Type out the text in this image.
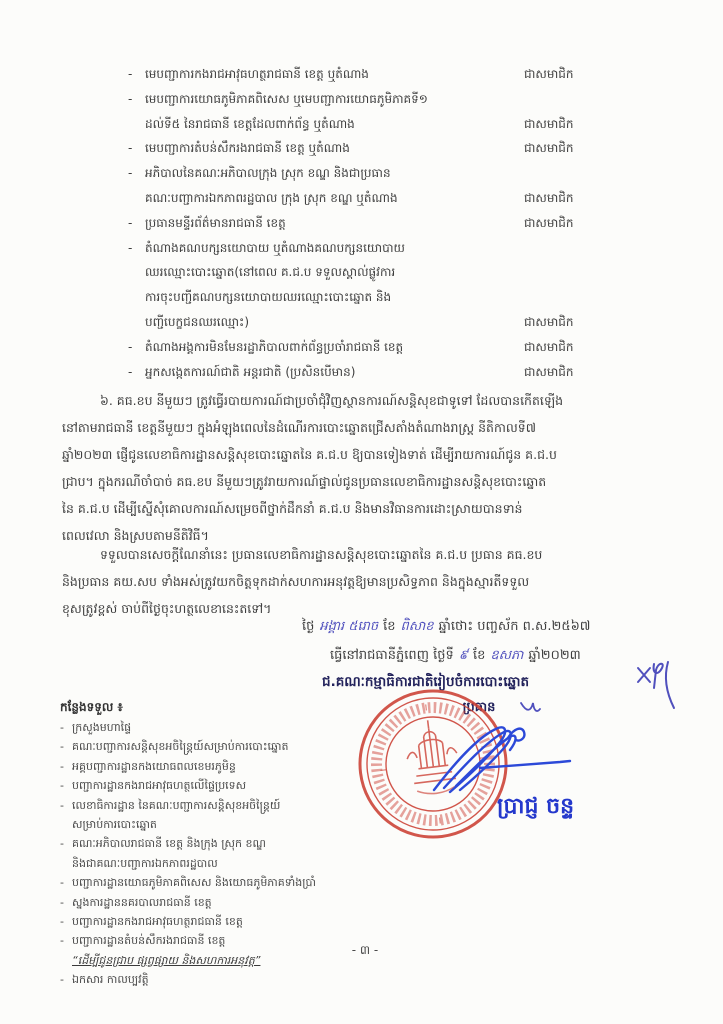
-	មេបញ្ជាការកងរាជអាវុធហត្ថរាជធានី ខេត្ត ឬតំណាង	ជាសមាជិក
-	មេបញ្ជាការយោធភូមិភាគពិសេស ឬមេបញ្ជាការយោធភូមិភាគទី១
ដល់ទី៥ នៃរាជធានី ខេត្តដែលពាក់ព័ន្ធ ឬតំណាង	ជាសមាជិក
-	មេបញ្ជាការតំបន់សឹករងរាជធានី ខេត្ត ឬតំណាង	ជាសមាជិក
-	អភិបាលនៃគណៈអភិបាលក្រុង ស្រុក ខណ្ឌ និងជាប្រធាន
គណៈបញ្ជាការឯកភាពរដ្ឋបាល ក្រុង ស្រុក ខណ្ឌ ឬតំណាង	ជាសមាជិក
-	ប្រធានមន្ទីរព័ត៌មានរាជធានី ខេត្ត	ជាសមាជិក
-	តំណាងគណបក្សនយោបាយ ឬតំណាងគណបក្សនយោបាយ
ឈរឈ្មោះបោះឆ្នោត(នៅពេល គ.ជ.ប ទទួលស្គាល់ផ្លូវការ
ការចុះបញ្ជីគណបក្សនយោបាយឈរឈ្មោះបោះឆ្នោត និង
បញ្ជីបេក្ខជនឈរឈ្មោះ)	ជាសមាជិក
-	តំណាងអង្គការមិនមែនរដ្ឋាភិបាលពាក់ព័ន្ធប្រចាំរាជធានី ខេត្ត	ជាសមាជិក
-	អ្នកសង្កេតការណ៍ជាតិ អន្តរជាតិ (ប្រសិនបើមាន)	ជាសមាជិក
៦. គធ.ខប នីមួយៗ ត្រូវធ្វើរបាយការណ៍ជាប្រចាំជុំវិញស្ថានការណ៍សន្តិសុខជាទូទៅ ដែលបានកើតឡើង
នៅតាមរាជធានី ខេត្តនីមួយៗ ក្នុងអំឡុងពេលនៃដំណើរការបោះឆ្នោតជ្រើសតាំងតំណាងរាស្ត្រ នីតិកាលទី៧
ឆ្នាំ២០២៣ ផ្ញើជូនលេខាធិការដ្ឋានសន្តិសុខបោះឆ្នោតនៃ គ.ជ.ប ឱ្យបានទៀងទាត់ ដើម្បីរាយការណ៍ជូន គ.ជ.ប
ជ្រាប។ ក្នុងករណីចាំបាច់ គធ.ខប នីមួយៗត្រូវរាយការណ៍ផ្ទាល់ជូនប្រធានលេខាធិការដ្ឋានសន្តិសុខបោះឆ្នោត
នៃ គ.ជ.ប ដើម្បីស្នើសុំគោលការណ៍សម្រេចពីថ្នាក់ដឹកនាំ គ.ជ.ប និងមានវិធានការដោះស្រាយបានទាន់
ពេលវេលា និងស្របតាមនីតិវិធី។
ទទួលបានសេចក្ដីណែនាំនេះ ប្រធានលេខាធិការដ្ឋានសន្តិសុខបោះឆ្នោតនៃ គ.ជ.ប ប្រធាន គធ.ខប
និងប្រធាន គយ.សប ទាំងអស់ត្រូវយកចិត្តទុកដាក់សហការអនុវត្តឱ្យមានប្រសិទ្ធភាព និងក្នុងស្មារតីទទួល
ខុសត្រូវខ្ពស់ ចាប់ពីថ្ងៃចុះហត្ថលេខានេះតទៅ។
ថ្ងៃ អង្គារ ៥រោច ខែ ពិសាខ ឆ្នាំថោះ បញ្ចស័ក ព.ស.២៥៦៧
ធ្វើនៅរាជធានីភ្នំពេញ ថ្ងៃទី ៩ ខែ ឧសភា ឆ្នាំ២០២៣
ជ.គណៈកម្មាធិការជាតិរៀបចំការបោះឆ្នោត
ប្រធាន
ប្រាជ្ញ ចន្ទ
កន្លែងទទួល ៖
- ក្រសួងមហាផ្ទៃ
- គណៈបញ្ជាការសន្តិសុខអចិន្ត្រៃយ៍សម្រាប់ការបោះឆ្នោត
- អគ្គបញ្ជាការដ្ឋានកងយោធពលខេមរភូមិន្ទ
- បញ្ជាការដ្ឋានកងរាជអាវុធហត្ថលើផ្ទៃប្រទេស
- លេខាធិការដ្ឋាន នៃគណៈបញ្ជាការសន្តិសុខអចិន្ត្រៃយ៍
សម្រាប់ការបោះឆ្នោត
- គណៈអភិបាលរាជធានី ខេត្ត និងក្រុង ស្រុក ខណ្ឌ
និងជាគណៈបញ្ជាការឯកភាពរដ្ឋបាល
- បញ្ជាការដ្ឋានយោធភូមិភាគពិសេស និងយោធភូមិភាគទាំងប្រាំ
- ស្នងការដ្ឋាននគរបាលរាជធានី ខេត្ត
- បញ្ជាការដ្ឋានកងរាជអាវុធហត្ថរាជធានី ខេត្ត
- បញ្ជាការដ្ឋានតំបន់សឹករងរាជធានី ខេត្ត
“ដើម្បីជូនជ្រាប ផ្សព្វផ្សាយ និងសហការអនុវត្ត”
- ឯកសារ កាលប្បវត្តិ
- ៣ -
